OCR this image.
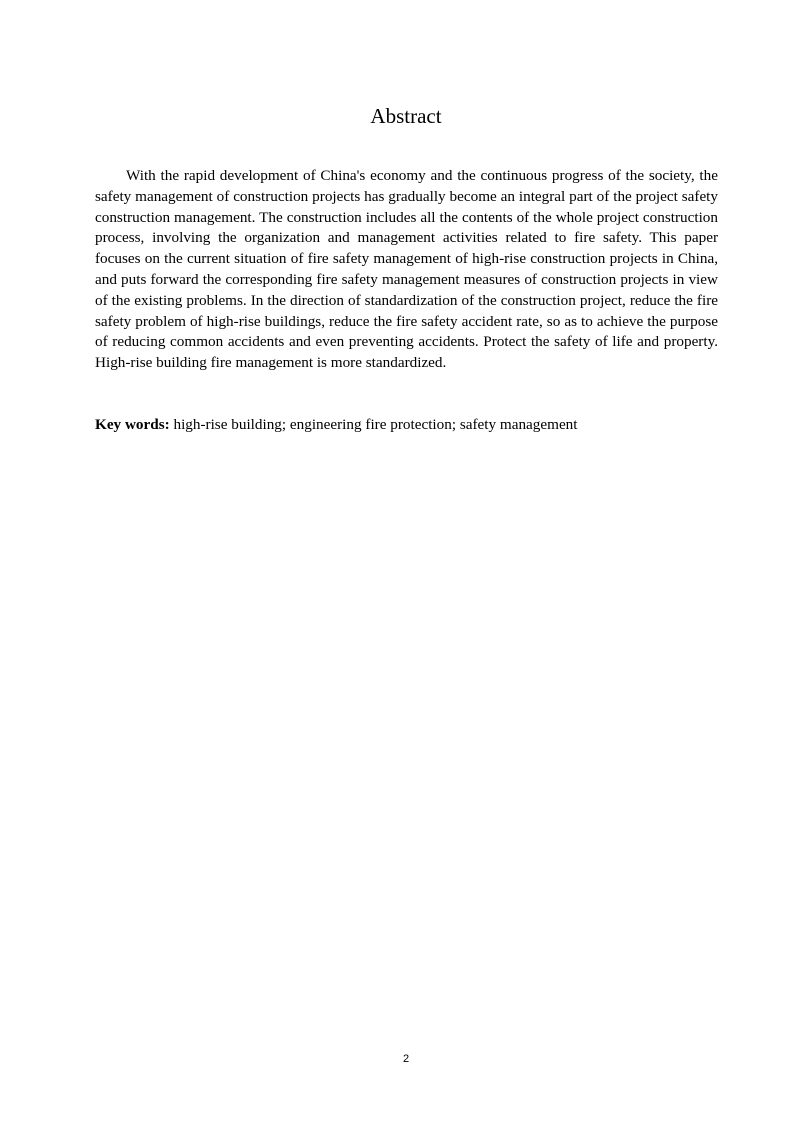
Abstract

With the rapid development of China's economy and the continuous progress of the society, the safety management of construction projects has gradually become an integral part of the project safety construction management. The construction includes all the contents of the whole project construction process, involving the organization and management activities related to fire safety. This paper focuses on the current situation of fire safety management of high-rise construction projects in China, and puts forward the corresponding fire safety management measures of construction projects in view of the existing problems. In the direction of standardization of the construction project, reduce the fire safety problem of high-rise buildings, reduce the fire safety accident rate, so as to achieve the purpose of reducing common accidents and even preventing accidents. Protect the safety of life and property. High-rise building fire management is more standardized.

Key words: high-rise building; engineering fire protection; safety management

2
